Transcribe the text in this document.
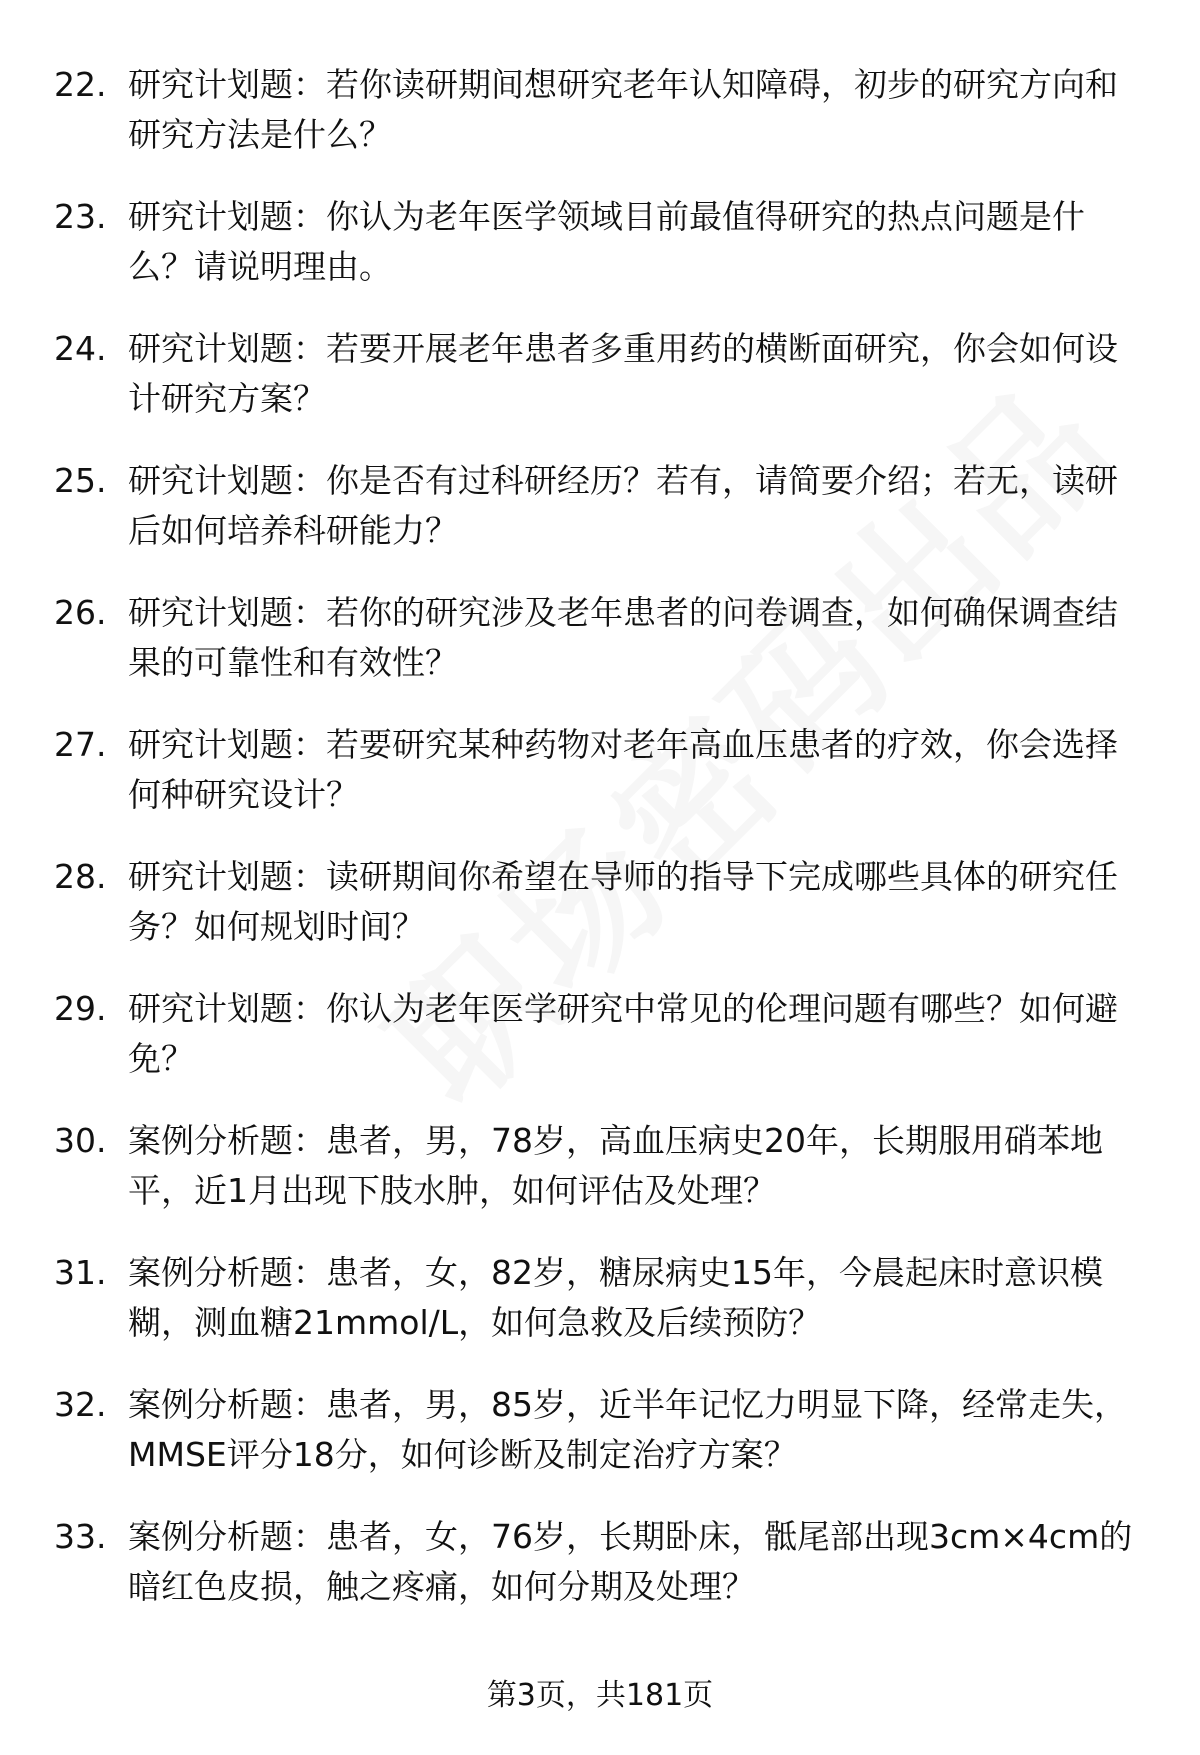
22. 研究计划题：若你读研期间想研究老年认知障碍，初步的研究方向和研究方法是什么？
23. 研究计划题：你认为老年医学领域目前最值得研究的热点问题是什么？请说明理由。
24. 研究计划题：若要开展老年患者多重用药的横断面研究，你会如何设计研究方案？
25. 研究计划题：你是否有过科研经历？若有，请简要介绍；若无，读研后如何培养科研能力？
26. 研究计划题：若你的研究涉及老年患者的问卷调查，如何确保调查结果的可靠性和有效性？
27. 研究计划题：若要研究某种药物对老年高血压患者的疗效，你会选择何种研究设计？
28. 研究计划题：读研期间你希望在导师的指导下完成哪些具体的研究任务？如何规划时间？
29. 研究计划题：你认为老年医学研究中常见的伦理问题有哪些？如何避免？
30. 案例分析题：患者，男，78岁，高血压病史20年，长期服用硝苯地平，近1月出现下肢水肿，如何评估及处理？
31. 案例分析题：患者，女，82岁，糖尿病史15年，今晨起床时意识模糊，测血糖21mmol/L，如何急救及后续预防？
32. 案例分析题：患者，男，85岁，近半年记忆力明显下降，经常走失，MMSE评分18分，如何诊断及制定治疗方案？
33. 案例分析题：患者，女，76岁，长期卧床，骶尾部出现3cm×4cm的暗红色皮损，触之疼痛，如何分期及处理？
第3页，共181页
